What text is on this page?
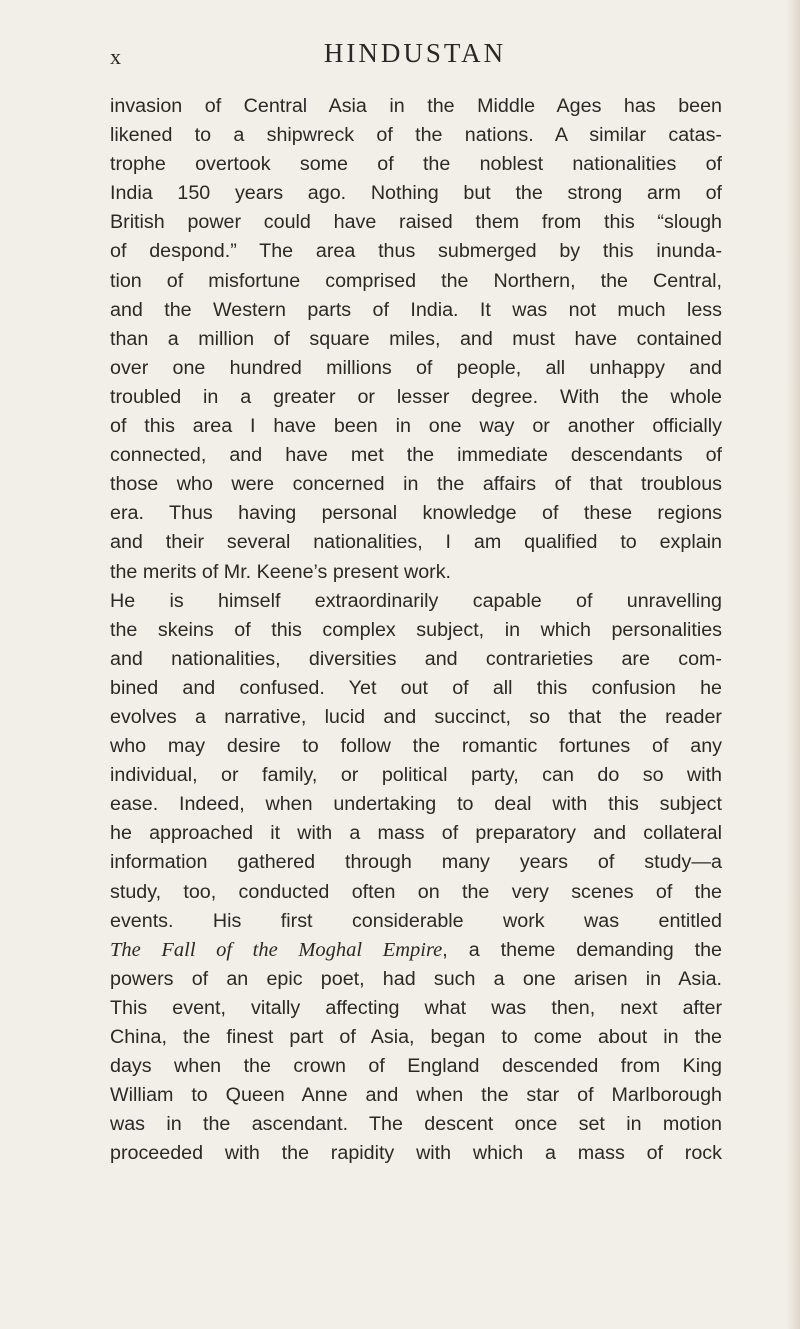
x	HINDUSTAN
invasion of Central Asia in the Middle Ages has been
likened to a shipwreck of the nations. A similar catas-
trophe overtook some of the noblest nationalities of
India 150 years ago. Nothing but the strong arm of
British power could have raised them from this “slough
of despond.” The area thus submerged by this inunda-
tion of misfortune comprised the Northern, the Central,
and the Western parts of India. It was not much less
than a million of square miles, and must have contained
over one hundred millions of people, all unhappy and
troubled in a greater or lesser degree. With the whole
of this area I have been in one way or another officially
connected, and have met the immediate descendants of
those who were concerned in the affairs of that troublous
era. Thus having personal knowledge of these regions
and their several nationalities, I am qualified to explain
the merits of Mr. Keene’s present work.
He is himself extraordinarily capable of unravelling
the skeins of this complex subject, in which personalities
and nationalities, diversities and contrarieties are com-
bined and confused. Yet out of all this confusion he
evolves a narrative, lucid and succinct, so that the reader
who may desire to follow the romantic fortunes of any
individual, or family, or political party, can do so with
ease. Indeed, when undertaking to deal with this subject
he approached it with a mass of preparatory and collateral
information gathered through many years of study—a
study, too, conducted often on the very scenes of the
events. His first considerable work was entitled
The Fall of the Moghal Empire, a theme demanding the
powers of an epic poet, had such a one arisen in Asia.
This event, vitally affecting what was then, next after
China, the finest part of Asia, began to come about in the
days when the crown of England descended from King
William to Queen Anne and when the star of Marlborough
was in the ascendant. The descent once set in motion
proceeded with the rapidity with which a mass of rock
